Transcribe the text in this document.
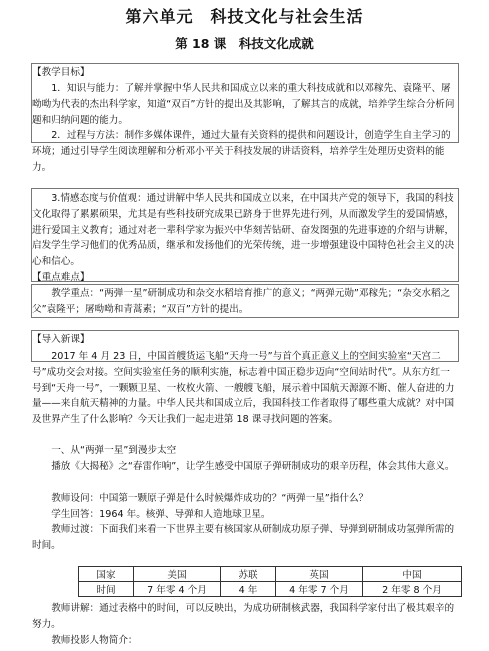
第六单元　科技文化与社会生活
第 18 课　科技文化成就
【教学目标】
1．知识与能力：了解并掌握中华人民共和国成立以来的重大科技成就和以邓稼先、袁隆平、屠呦呦为代表的杰出科学家，知道“双百”方针的提出及其影响，了解其言的成就，培养学生综合分析问题和归纳问题的能力。
2．过程与方法：制作多媒体课件，通过大量有关资料的提供和问题设计，创造学生自主学习的环境；通过引导学生阅读理解和分析邓小平关于科技发展的讲话资料，培养学生处理历史资料的能力。
3.情感态度与价值观：通过讲解中华人民共和国成立以来，在中国共产党的领导下，我国的科技文化取得了累累硕果，尤其是有些科技研究成果已跻身于世界先进行列，从而激发学生的爱国情感，进行爱国主义教育；通过对老一辈科学家为振兴中华刻苦钻研、奋发图强的先进事迹的介绍与讲解，启发学生学习他们的优秀品质，继承和发扬他们的光荣传统，进一步增强建设中国特色社会主义的决心和信心。
【重点难点】
教学重点：“两弹一星”研制成功和杂交水稻培育推广的意义；“两弹元勋”邓稼先；“杂交水稻之父”袁隆平；屠呦呦和青蒿素；“双百”方针的提出。
【导入新课】
2017 年 4 月 23 日，中国首艘货运飞船“天舟一号”与首个真正意义上的空间实验室“天宫二号”成功交会对接。空间实验室任务的顺利实施，标志着中国正稳步迈向“空间站时代”。从东方红一号到“天舟一号”，一颗颗卫星、一枚枚火箭、一艘艘飞船，展示着中国航天源源不断、催人奋进的力量——来自航天精神的力量。中华人民共和国成立后，我国科技工作者取得了哪些重大成就？对中国及世界产生了什么影响？今天让我们一起走进第 18 课寻找问题的答案。
一、从“两弹一星”到漫步太空
播放《大揭秘》之“春雷作响”，让学生感受中国原子弹研制成功的艰辛历程，体会其伟大意义。
教师设问：中国第一颗原子弹是什么时候爆炸成功的？“两弹一星”指什么？
学生回答：1964 年。核弹、导弹和人造地球卫星。
教师过渡：下面我们来看一下世界主要有核国家从研制成功原子弹、导弹到研制成功氢弹所需的时间。
国家	美国	苏联	英国	中国
时间	7 年零 4 个月	4 年	4 年零 7 个月	2 年零 8 个月
教师讲解：通过表格中的时间，可以反映出，为成功研制核武器，我国科学家付出了极其艰辛的努力。
教师投影人物简介：
